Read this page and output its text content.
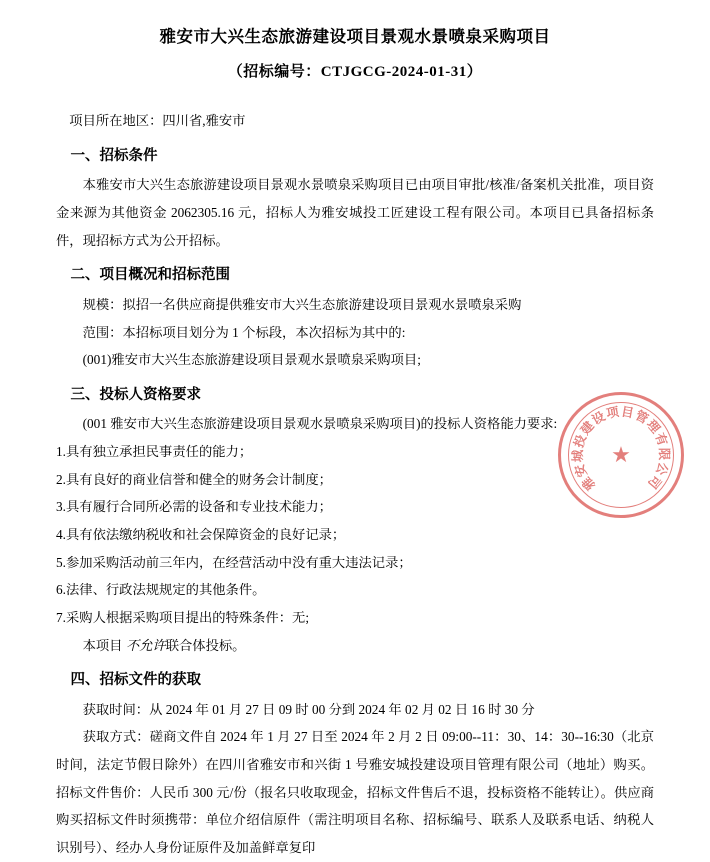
雅安市大兴生态旅游建设项目景观水景喷泉采购项目
（招标编号：CTJGCG-2024-01-31）

项目所在地区：四川省,雅安市

一、招标条件

本雅安市大兴生态旅游建设项目景观水景喷泉采购项目已由项目审批/核准/备案机关批准，项目资金来源为其他资金 2062305.16 元，招标人为雅安城投工匠建设工程有限公司。本项目已具备招标条件，现招标方式为公开招标。

二、项目概况和招标范围

规模：拟招一名供应商提供雅安市大兴生态旅游建设项目景观水景喷泉采购

范围：本招标项目划分为 1 个标段，本次招标为其中的:

(001)雅安市大兴生态旅游建设项目景观水景喷泉采购项目;

三、投标人资格要求

(001 雅安市大兴生态旅游建设项目景观水景喷泉采购项目)的投标人资格能力要求:

1.具有独立承担民事责任的能力；

2.具有良好的商业信誉和健全的财务会计制度；

3.具有履行合同所必需的设备和专业技术能力；

4.具有依法缴纳税收和社会保障资金的良好记录；

5.参加采购活动前三年内，在经营活动中没有重大违法记录；

6.法律、行政法规规定的其他条件。

7.采购人根据采购项目提出的特殊条件：无;

本项目 不允许联合体投标。

四、招标文件的获取

获取时间：从 2024 年 01 月 27 日 09 时 00 分到 2024 年 02 月 02 日 16 时 30 分

获取方式：磋商文件自 2024 年 1 月 27 日至 2024 年 2 月 2 日 09:00--11：30、14：30--16:30（北京时间，法定节假日除外）在四川省雅安市和兴街 1 号雅安城投建设项目管理有限公司（地址）购买。招标文件售价：人民币 300 元/份（报名只收取现金，招标文件售后不退，投标资格不能转让）。供应商购买招标文件时须携带：单位介绍信原件（需注明项目名称、招标编号、联系人及联系电话、纳税人识别号）、经办人身份证原件及加盖鲜章复印

★
雅
安
城
投
建
设
项
目
管
理
有
限
公
司
